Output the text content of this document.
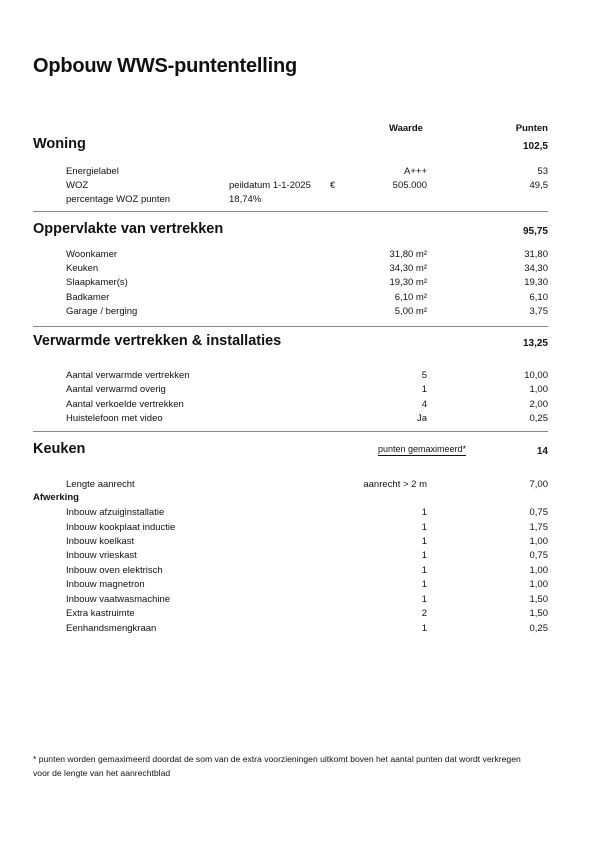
Opbouw WWS-puntentelling
Waarde	Punten
Woning	102,5
Energielabel	A+++	53
WOZ	peildatum 1-1-2025 €	505.000	49,5
percentage WOZ punten	18,74%
Oppervlakte van vertrekken	95,75
Woonkamer	31,80 m²	31,80
Keuken	34,30 m²	34,30
Slaapkamer(s)	19,30 m²	19,30
Badkamer	6,10 m²	6,10
Garage / berging	5,00 m²	3,75
Verwarmde vertrekken & installaties	13,25
Aantal verwarmde vertrekken	5	10,00
Aantal verwarmd overig	1	1,00
Aantal verkoelde vertrekken	4	2,00
Huistelefoon met video	Ja	0,25
Keuken	punten gemaximeerd*	14
Lengte aanrecht	aanrecht > 2 m	7,00
Afwerking
Inbouw afzuiginstallatie	1	0,75
Inbouw kookplaat inductie	1	1,75
Inbouw koelkast	1	1,00
Inbouw vrieskast	1	0,75
Inbouw oven elektrisch	1	1,00
Inbouw magnetron	1	1,00
Inbouw vaatwasmachine	1	1,50
Extra kastruimte	2	1,50
Eenhandsmengkraan	1	0,25

* punten worden gemaximeerd doordat de som van de extra voorzieningen uitkomt boven het aantal punten dat wordt verkregen voor de lengte van het aanrechtblad
